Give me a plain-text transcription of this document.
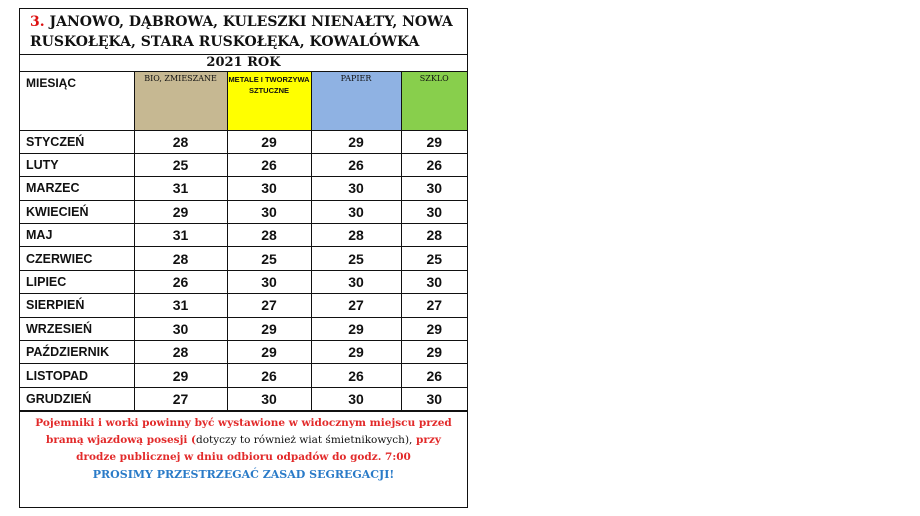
3. JANOWO, DĄBROWA, KULESZKI NIENAŁTY, NOWA RUSKOŁĘKA, STARA RUSKOŁĘKA, KOWALÓWKA
2021 ROK
MIESIĄC	BIO, ZMIESZANE	METALE I TWORZYWA SZTUCZNE	PAPIER	SZKLO
STYCZEŃ	28	29	29	29
LUTY	25	26	26	26
MARZEC	31	30	30	30
KWIECIEŃ	29	30	30	30
MAJ	31	28	28	28
CZERWIEC	28	25	25	25
LIPIEC	26	30	30	30
SIERPIEŃ	31	27	27	27
WRZESIEŃ	30	29	29	29
PAŹDZIERNIK	28	29	29	29
LISTOPAD	29	26	26	26
GRUDZIEŃ	27	30	30	30
Pojemniki i worki powinny być wystawione w widocznym miejscu przed bramą wjazdową posesji (dotyczy to również wiat śmietnikowych), przy drodze publicznej w dniu odbioru odpadów do godz. 7:00
PROSIMY PRZESTRZEGAĆ ZASAD SEGREGACJI!
